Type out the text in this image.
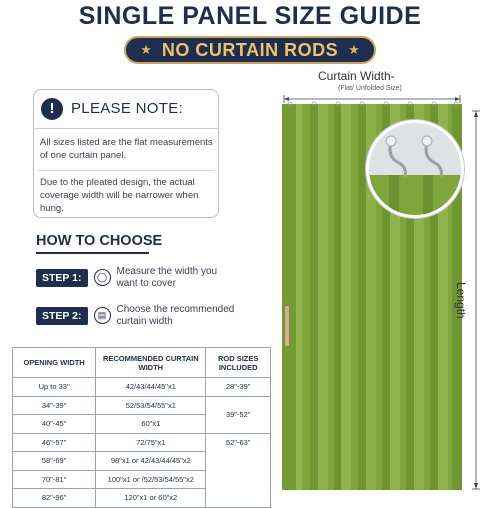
SINGLE PANEL SIZE GUIDE
★ NO CURTAIN RODS ★
!	PLEASE NOTE:
All sizes listed are the flat measurements
of one curtain panel.
Due to the pleated design, the actual
coverage width will be narrower when
hung.
HOW TO CHOOSE
STEP 1:	◯ Measure the width you
want to cover
STEP 2:	▤	Choose the recommended
curtain width
OPENING WIDTH	RECOMMENDED CURTAIN WIDTH	ROD SIZES INCLUDED
Up to 33"	42/43/44/45"x1	28"-39"
34"-39"	52/53/54/55"x1	39"-52"
40"-45"	60"x1	
46"-57"	72/75"x1	52"-63"
58"-69"	98"x1 or 42/43/44/45"x2	
70"-81"	100"x1 or /52/53/54/55"x2	
82"-96"	120"x1 or 60"x2	
Curtain Width-
(Flat/ Unfolded Size)
Length
